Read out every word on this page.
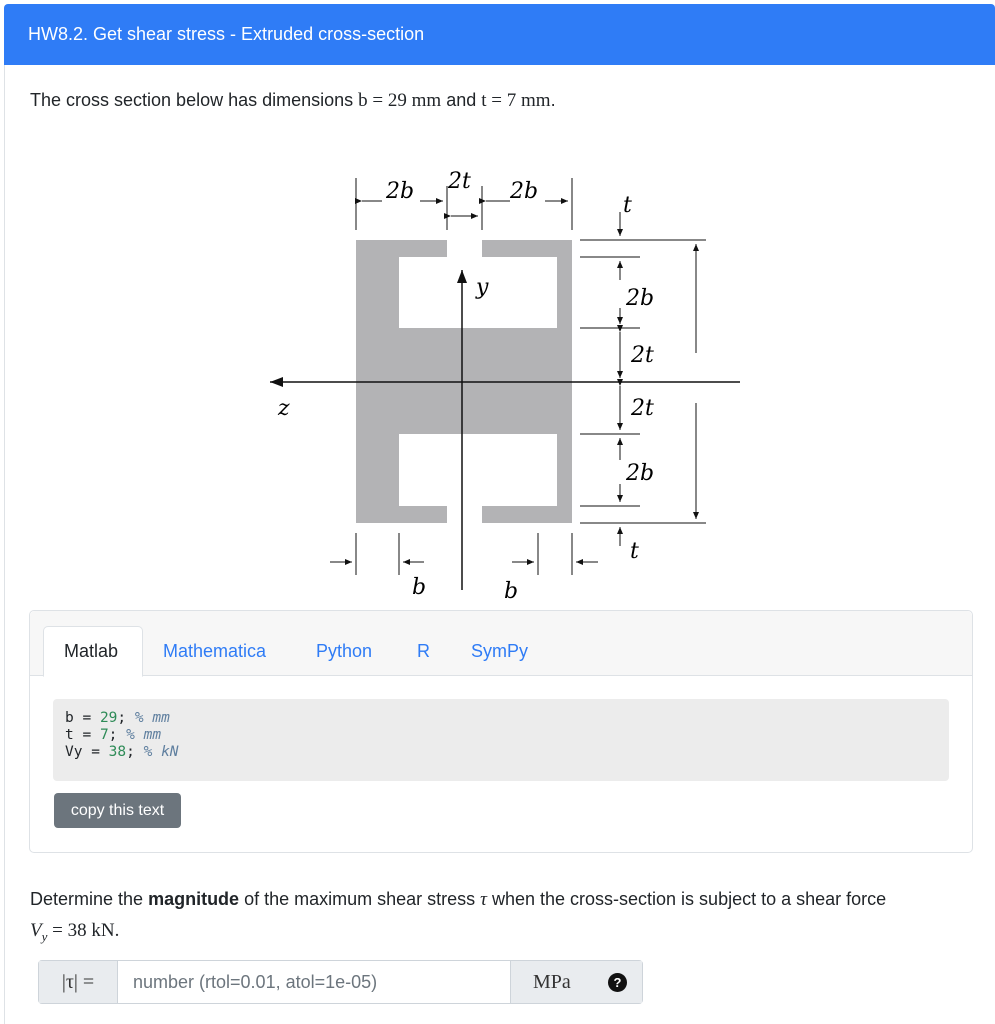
HW8.2. Get shear stress - Extruded cross-section
The cross section below has dimensions b = 29 mm and t = 7 mm.
y
z
2b 2t 2b
t
2b
2t
2t
2b
t
b	b
Matlab	Mathematica	Python	R	SymPy
b = 29; % mm
t = 7; % mm
Vy = 38; % kN
copy this text
Determine the magnitude of the maximum shear stress τ when the cross-section is subject to a shear force
$V_y = 38$ kN.
|τ| =
number (rtol=0.01, atol=1e-05)	MPa	?
